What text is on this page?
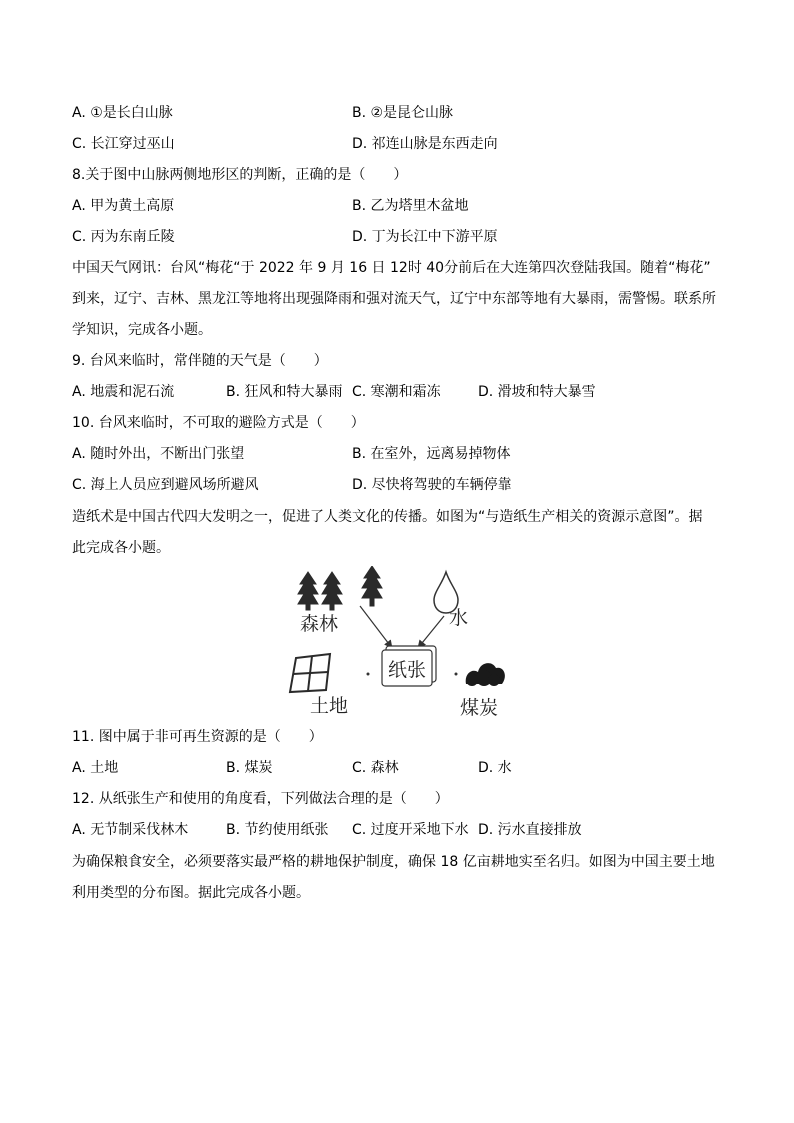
A. ①是长白山脉	B. ②是昆仑山脉
C. 长江穿过巫山	D. 祁连山脉是东西走向
8.关于图中山脉两侧地形区的判断，正确的是（　　）
A. 甲为黄土高原	B. 乙为塔里木盆地
C. 丙为东南丘陵	D. 丁为长江中下游平原
中国天气网讯：台风“梅花“于 2022 年 9 月 16 日 12时 40分前后在大连第四次登陆我国。随着“梅花”
到来，辽宁、吉林、黑龙江等地将出现强降雨和强对流天气，辽宁中东部等地有大暴雨，需警惕。联系所
学知识，完成各小题。
9. 台风来临时，常伴随的天气是（　　）
A. 地震和泥石流	B. 狂风和特大暴雨 C. 寒潮和霜冻	D. 滑坡和特大暴雪
10. 台风来临时，不可取的避险方式是（　　）
A. 随时外出，不断出门张望	B. 在室外，远离易掉物体
C. 海上人员应到避风场所避风	D. 尽快将驾驶的车辆停靠
造纸术是中国古代四大发明之一，促进了人类文化的传播。如图为“与造纸生产相关的资源示意图”。据
此完成各小题。
森林	水
纸张
土地	煤炭
11. 图中属于非可再生资源的是（　　）
A. 土地	B. 煤炭	C. 森林	D. 水
12. 从纸张生产和使用的角度看，下列做法合理的是（　　）
A. 无节制采伐林木	B. 节约使用纸张 C. 过度开采地下水 D. 污水直接排放
为确保粮食安全，必须要落实最严格的耕地保护制度，确保 18 亿亩耕地实至名归。如图为中国主要土地
利用类型的分布图。据此完成各小题。
